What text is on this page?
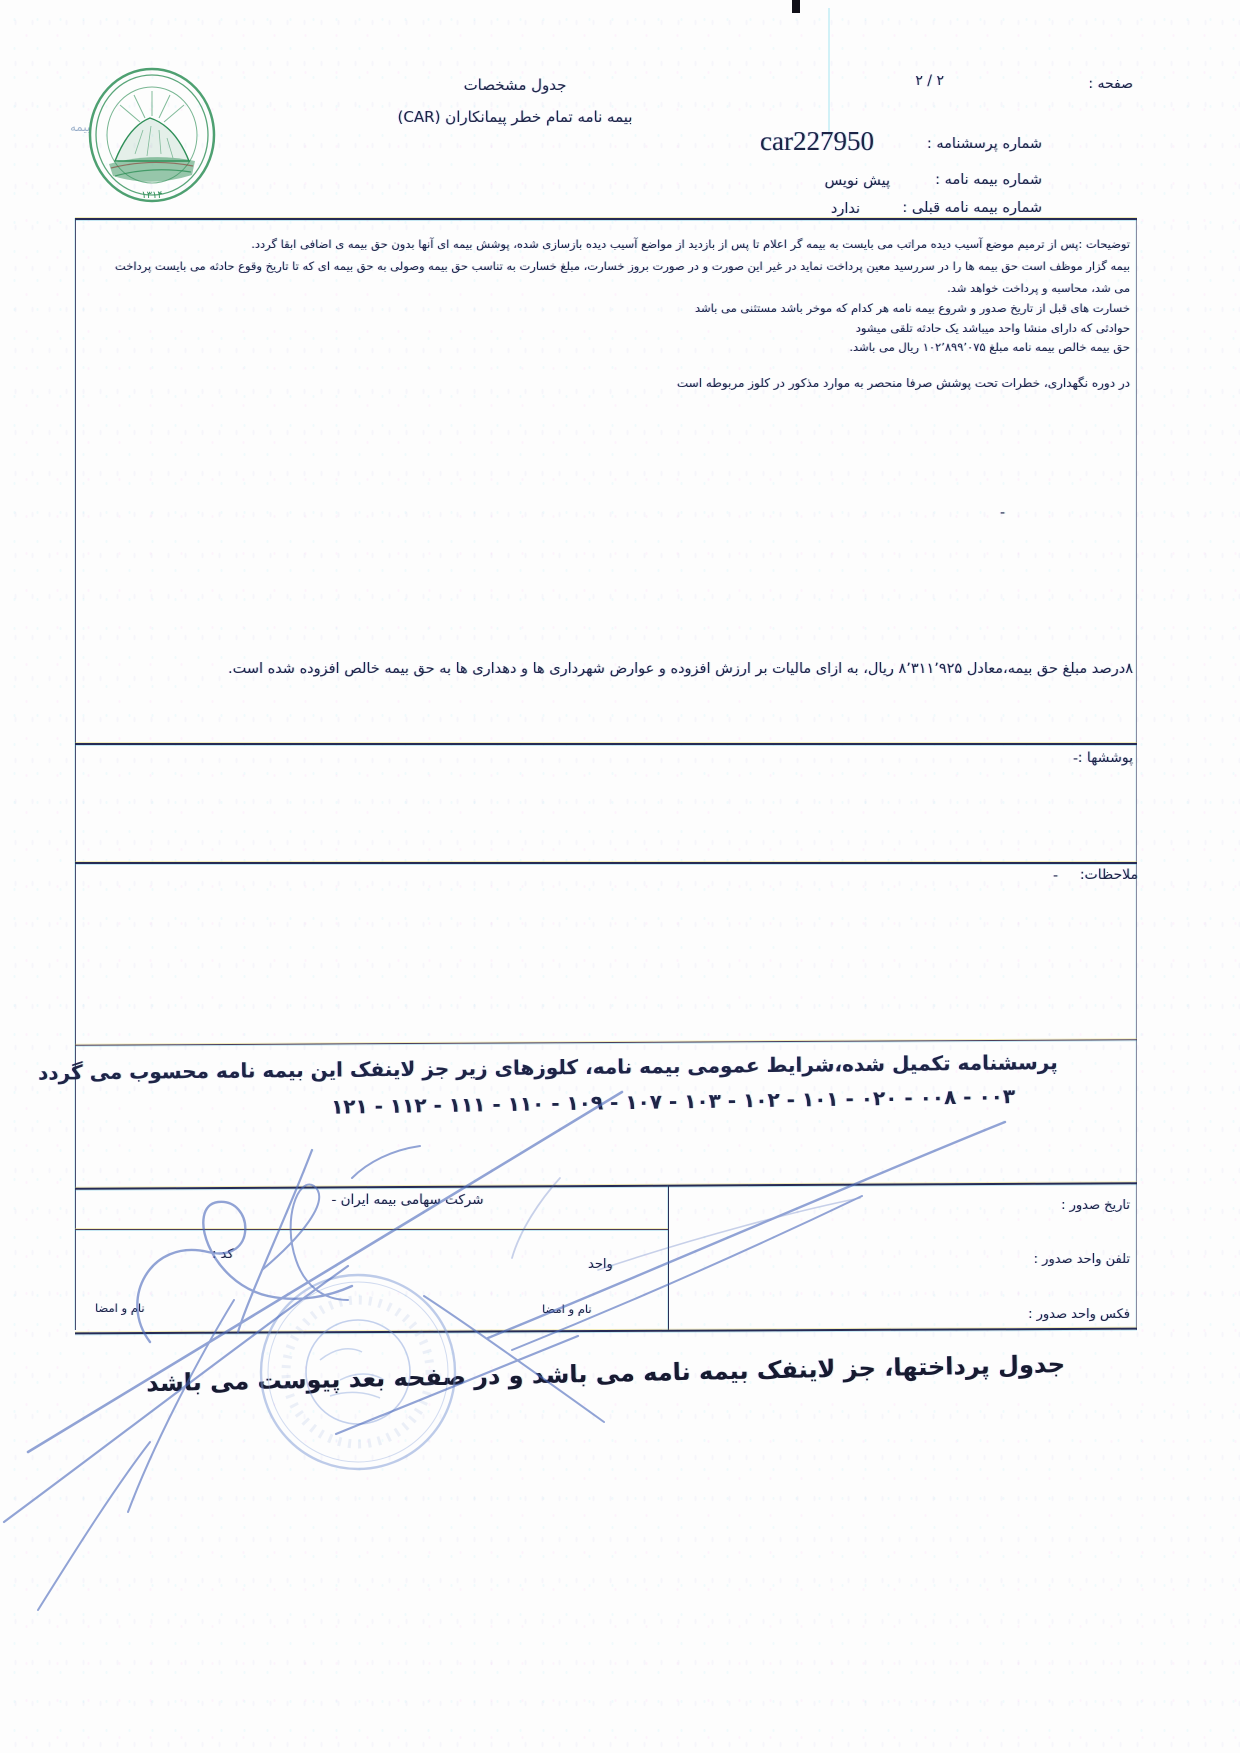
۱۳۱۴
بیمه
جدول مشخصات
بیمه نامه تمام خطر پیمانکاران (CAR)
صفحه :
۲ / ۲
شماره پرسشنامه :
car227950
شماره بیمه نامه :
پیش نویس
شماره بیمه نامه قبلی :
ندارد
توضیحات :پس از ترمیم موضع آسیب دیده مراتب می بایست به بیمه گر اعلام تا پس از بازدید از مواضع آسیب دیده بازسازی شده، پوشش بیمه ای آنها بدون حق بیمه ی اضافی ابقا گردد.
بیمه گزار موظف است حق بیمه ها را در سررسید معین پرداخت نماید در غیر این صورت و در صورت بروز خسارت، مبلغ خسارت به تناسب حق بیمه وصولی به حق بیمه ای که تا تاریخ وقوع حادثه می بایست پرداخت
می شد، محاسبه و پرداخت خواهد شد.
خسارت های قبل از تاریخ صدور و شروع بیمه نامه هر کدام که موخر باشد مستثنی می باشد
حوادثی که دارای منشا واحد میباشد یک حادثه تلقی میشود
حق بیمه خالص بیمه نامه مبلغ ۱۰۲٬۸۹۹٬۰۷۵ ریال می باشد.
در دوره نگهداری، خطرات تحت پوشش صرفا منحصر به موارد مذکور در کلوز مربوطه است
-
۸درصد مبلغ حق بیمه،معادل ۸٬۳۱۱٬۹۲۵ ریال، به ازای مالیات بر ارزش افزوده و عوارض شهرداری ها و دهداری ها به حق بیمه خالص افزوده شده است.
پوششها :
-
ملاحظات:
-
پرسشنامه تکمیل شده،شرایط عمومی بیمه نامه، کلوزهای زیر جز لاینفک این بیمه نامه محسوب می گردد
۰۰۳ - ۰۰۸ - ۰۲۰ - ۱۰۱ - ۱۰۲ - ۱۰۳ - ۱۰۷ - ۱۰۹ - ۱۱۰ - ۱۱۱ - ۱۱۲ - ۱۲۱
شرکت سهامی بیمه ایران -	تاریخ صدور :
تلفن واحد صدور :
فکس واحد صدور :
واحد
کد :
نام و امضا	نام و امضا
جدول پرداختها، جز لاینفک بیمه نامه می باشد و در صفحه بعد پیوست می باشد
